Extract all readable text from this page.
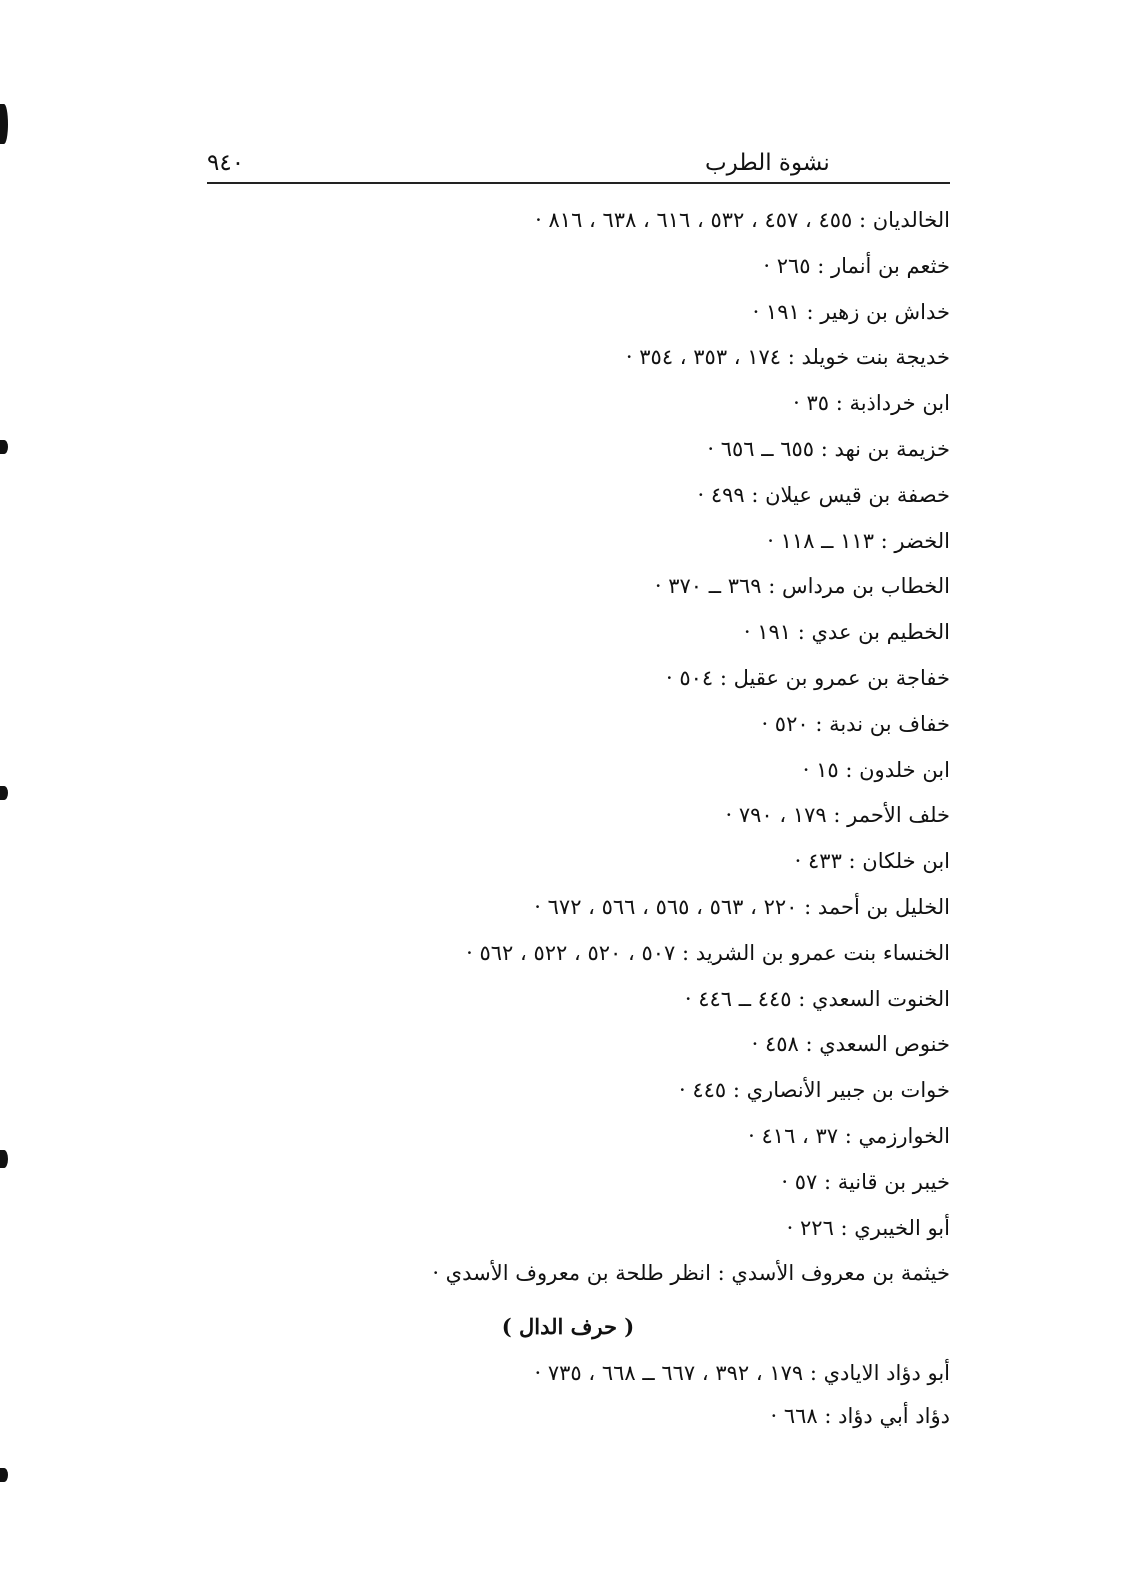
٩٤٠	نشوة الطرب
الخالديان : ٤٥٥ ، ٤٥٧ ، ٥٣٢ ، ٦١٦ ، ٦٣٨ ، ٨١٦ ·
خثعم بن أنمار : ٢٦٥ ·
خداش بن زهير : ١٩١ ·
خديجة بنت خويلد : ١٧٤ ، ٣٥٣ ، ٣٥٤ ·
ابن خرداذبة : ٣٥ ·
خزيمة بن نهد : ٦٥٥ ــ ٦٥٦ ·
خصفة بن قيس عيلان : ٤٩٩ ·
الخضر : ١١٣ ــ ١١٨ ·
الخطاب بن مرداس : ٣٦٩ ــ ٣٧٠ ·
الخطيم بن عدي : ١٩١ ·
خفاجة بن عمرو بن عقيل : ٥٠٤ ·
خفاف بن ندبة : ٥٢٠ ·
ابن خلدون : ١٥ ·
خلف الأحمر : ١٧٩ ، ٧٩٠ ·
ابن خلكان : ٤٣٣ ·
الخليل بن أحمد : ٢٢٠ ، ٥٦٣ ، ٥٦٥ ، ٥٦٦ ، ٦٧٢ ·
الخنساء بنت عمرو بن الشريد : ٥٠٧ ، ٥٢٠ ، ٥٢٢ ، ٥٦٢ ·
الخنوت السعدي : ٤٤٥ ــ ٤٤٦ ·
خنوص السعدي : ٤٥٨ ·
خوات بن جبير الأنصاري : ٤٤٥ ·
الخوارزمي : ٣٧ ، ٤١٦ ·
خيبر بن قانية : ٥٧ ·
أبو الخيبري : ٢٢٦ ·
خيثمة بن معروف الأسدي : انظر طلحة بن معروف الأسدي ·
( حرف الدال )
أبو دؤاد الايادي : ١٧٩ ، ٣٩٢ ، ٦٦٧ ــ ٦٦٨ ، ٧٣٥ ·
دؤاد أبي دؤاد : ٦٦٨ ·
